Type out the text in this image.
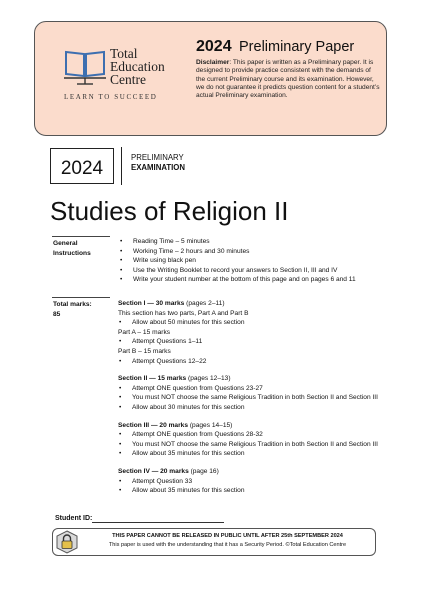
Total
Education
Centre
LEARN TO SUCCEED
2024 Preliminary Paper
Disclaimer: This paper is written as a Preliminary paper. It is designed to provide practice consistent with the demands of the current Preliminary course and its examination. However, we do not guarantee it predicts question content for a student’s actual Preliminary examination.
2024
PRELIMINARY
EXAMINATION
Studies of Religion II
General
Instructions
• Reading Time – 5 minutes
• Working Time – 2 hours and 30 minutes
• Write using black pen
• Use the Writing Booklet to record your answers to Section II, III and IV
• Write your student number at the bottom of this page and on pages 6 and 11
Total marks:
85
Section I — 30 marks (pages 2–11)
This section has two parts, Part A and Part B
• Allow about 50 minutes for this section
Part A – 15 marks
• Attempt Questions 1–11
Part B – 15 marks
• Attempt Questions 12–22
Section II — 15 marks (pages 12–13)
• Attempt ONE question from Questions 23-27
• You must NOT choose the same Religious Tradition in both Section II and Section III
• Allow about 30 minutes for this section
Section III — 20 marks (pages 14–15)
• Attempt ONE question from Questions 28-32
• You must NOT choose the same Religious Tradition in both Section II and Section III
• Allow about 35 minutes for this section
Section IV — 20 marks (page 16)
• Attempt Question 33
• Allow about 35 minutes for this section
Student ID:
THIS PAPER CANNOT BE RELEASED IN PUBLIC UNTIL AFTER 25th SEPTEMBER 2024
This paper is used with the understanding that it has a Security Period. ©Total Education Centre
